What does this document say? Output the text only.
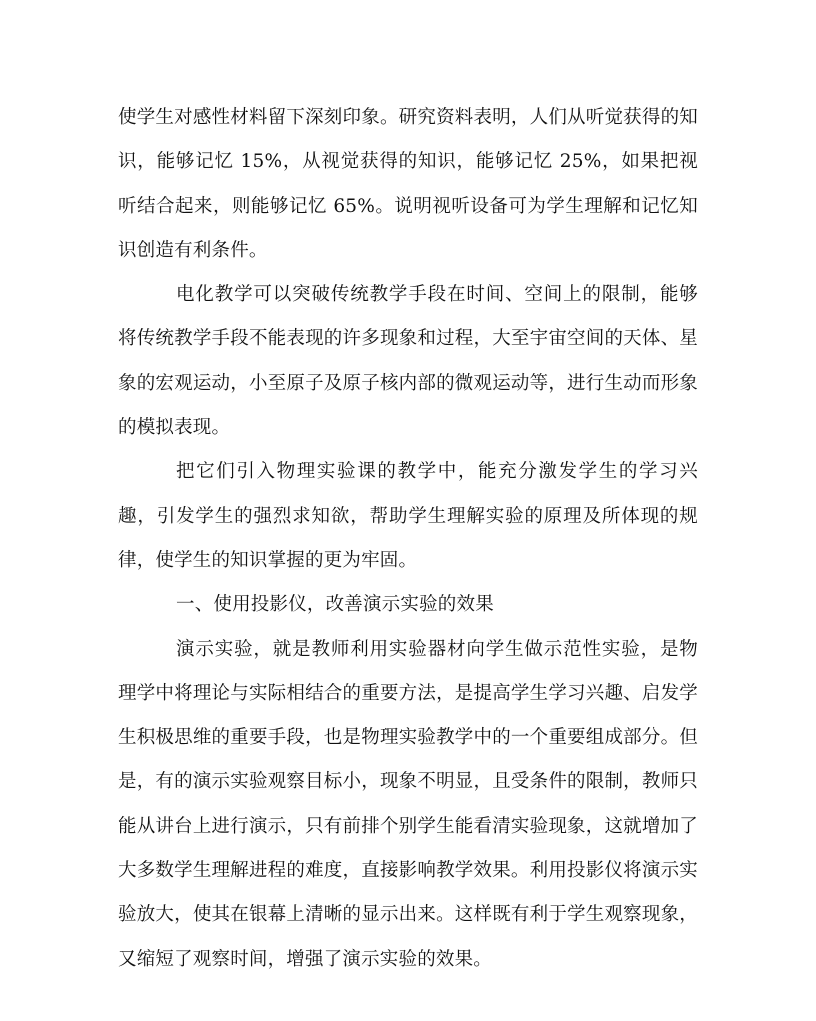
使学生对感性材料留下深刻印象。研究资料表明，人们从听觉获得的知识，能够记忆 15%，从视觉获得的知识，能够记忆 25%，如果把视听结合起来，则能够记忆 65%。说明视听设备可为学生理解和记忆知识创造有利条件。

电化教学可以突破传统教学手段在时间、空间上的限制，能够将传统教学手段不能表现的许多现象和过程，大至宇宙空间的天体、星象的宏观运动，小至原子及原子核内部的微观运动等，进行生动而形象的模拟表现。

把它们引入物理实验课的教学中，能充分激发学生的学习兴趣，引发学生的强烈求知欲，帮助学生理解实验的原理及所体现的规律，使学生的知识掌握的更为牢固。

一、使用投影仪，改善演示实验的效果

演示实验，就是教师利用实验器材向学生做示范性实验，是物理学中将理论与实际相结合的重要方法，是提高学生学习兴趣、启发学生积极思维的重要手段，也是物理实验教学中的一个重要组成部分。但是，有的演示实验观察目标小，现象不明显，且受条件的限制，教师只能从讲台上进行演示，只有前排个别学生能看清实验现象，这就增加了大多数学生理解进程的难度，直接影响教学效果。利用投影仪将演示实验放大，使其在银幕上清晰的显示出来。这样既有利于学生观察现象，又缩短了观察时间，增强了演示实验的效果。
